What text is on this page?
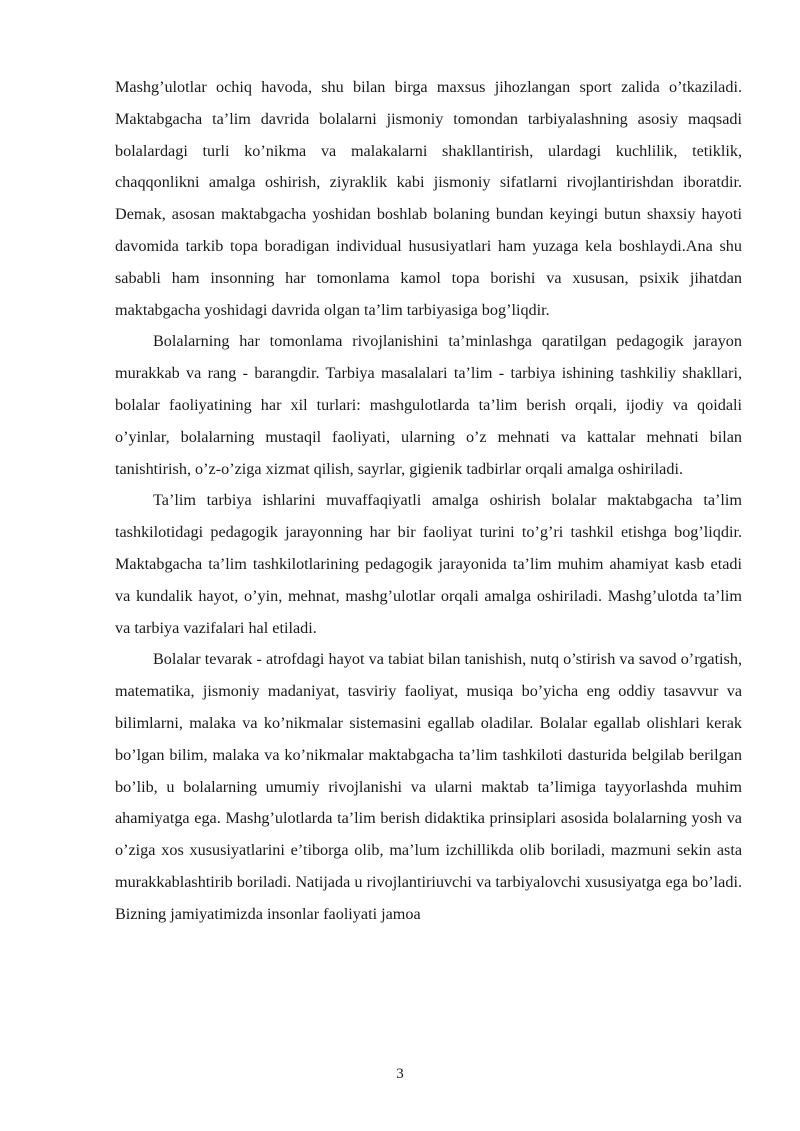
Mashg’ulotlar ochiq havoda, shu bilan birga maxsus jihozlangan sport zalida o’tkaziladi. Maktabgacha ta’lim davrida bolalarni jismoniy tomondan tarbiyalashning asosiy maqsadi bolalardagi turli ko’nikma va malakalarni shakllantirish, ulardagi kuchlilik, tetiklik, chaqqonlikni amalga oshirish, ziyraklik kabi jismoniy sifatlarni rivojlantirishdan iboratdir. Demak, asosan maktabgacha yoshidan boshlab bolaning bundan keyingi butun shaxsiy hayoti davomida tarkib topa boradigan individual hususiyatlari ham yuzaga kela boshlaydi.Ana shu sababli ham insonning har tomonlama kamol topa borishi va xususan, psixik jihatdan maktabgacha yoshidagi davrida olgan ta’lim tarbiyasiga bog’liqdir.

Bolalarning har tomonlama rivojlanishini ta’minlashga qaratilgan pedagogik jarayon murakkab va rang - barangdir. Tarbiya masalalari ta’lim - tarbiya ishining tashkiliy shakllari, bolalar faoliyatining har xil turlari: mashgulotlarda ta’lim berish orqali, ijodiy va qoidali o’yinlar, bolalarning mustaqil faoliyati, ularning o’z mehnati va kattalar mehnati bilan tanishtirish, o’z-o’ziga xizmat qilish, sayrlar, gigienik tadbirlar orqali amalga oshiriladi.

Ta’lim tarbiya ishlarini muvaffaqiyatli amalga oshirish bolalar maktabgacha ta’lim tashkilotidagi pedagogik jarayonning har bir faoliyat turini to’g’ri tashkil etishga bog’liqdir. Maktabgacha ta’lim tashkilotlarining pedagogik jarayonida ta’lim muhim ahamiyat kasb etadi va kundalik hayot, o’yin, mehnat, mashg’ulotlar orqali amalga oshiriladi. Mashg’ulotda ta’lim va tarbiya vazifalari hal etiladi.

Bolalar tevarak - atrofdagi hayot va tabiat bilan tanishish, nutq o’stirish va savod o’rgatish, matematika, jismoniy madaniyat, tasviriy faoliyat, musiqa bo’yicha eng oddiy tasavvur va bilimlarni, malaka va ko’nikmalar sistemasini egallab oladilar. Bolalar egallab olishlari kerak bo’lgan bilim, malaka va ko’nikmalar maktabgacha ta’lim tashkiloti dasturida belgilab berilgan bo’lib, u bolalarning umumiy rivojlanishi va ularni maktab ta’limiga tayyorlashda muhim ahamiyatga ega. Mashg’ulotlarda ta’lim berish didaktika prinsiplari asosida bolalarning yosh va o’ziga xos xususiyatlarini e’tiborga olib, ma’lum izchillikda olib boriladi, mazmuni sekin asta murakkablashtirib boriladi. Natijada u rivojlantiriuvchi va tarbiyalovchi xususiyatga ega bo’ladi. Bizning jamiyatimizda insonlar faoliyati jamoa

3
